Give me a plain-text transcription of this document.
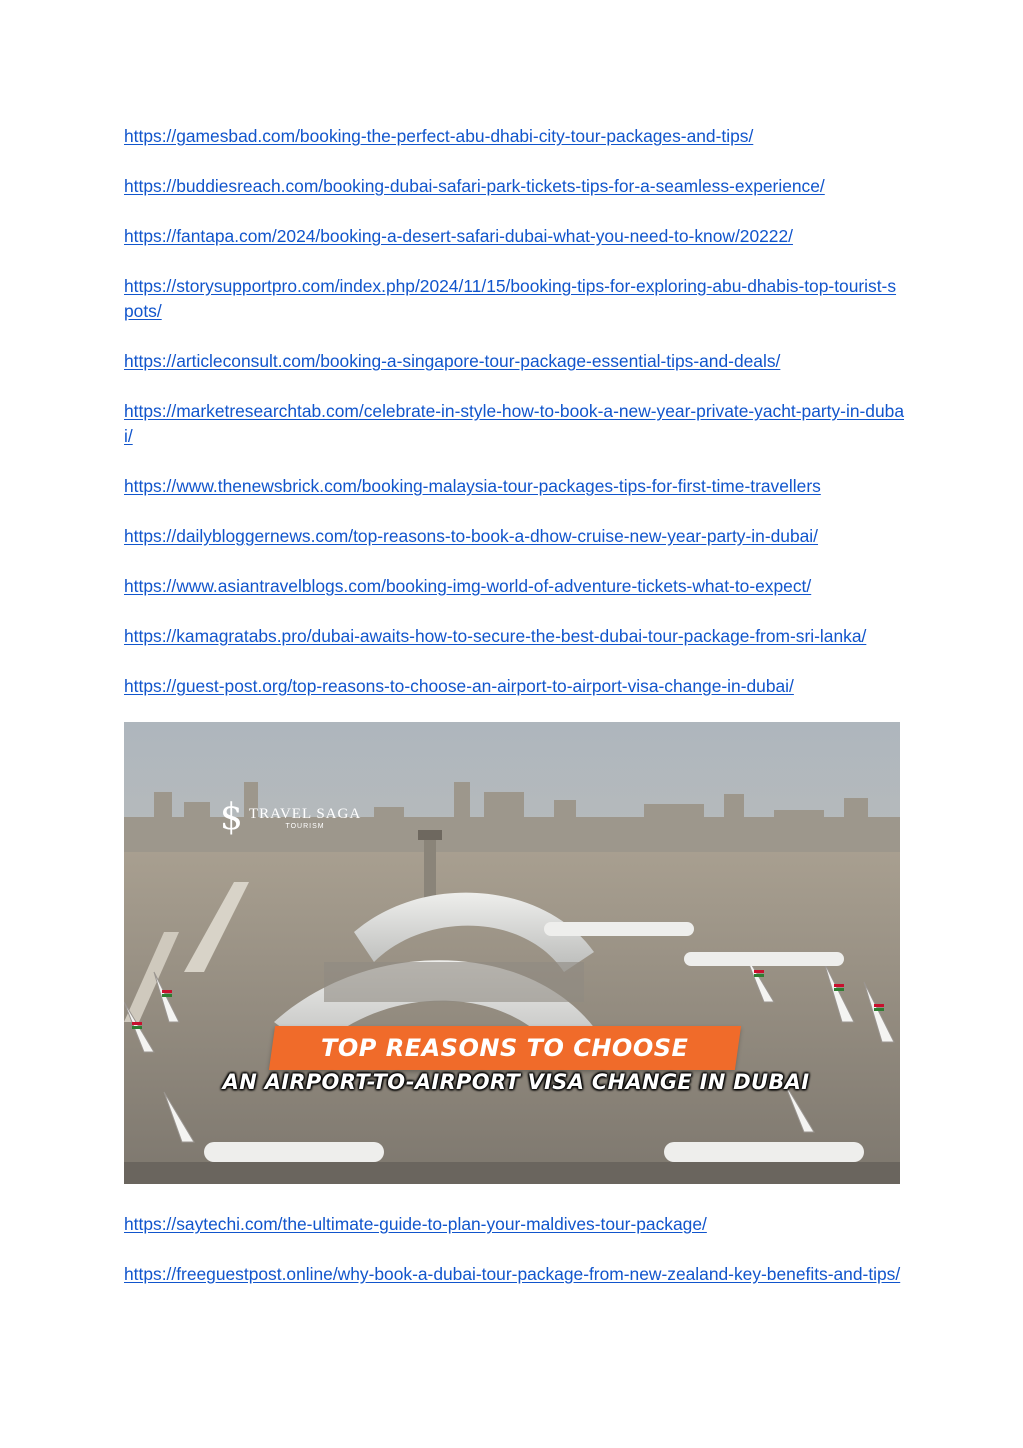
https://gamesbad.com/booking-the-perfect-abu-dhabi-city-tour-packages-and-tips/
https://buddiesreach.com/booking-dubai-safari-park-tickets-tips-for-a-seamless-experience/
https://fantapa.com/2024/booking-a-desert-safari-dubai-what-you-need-to-know/20222/
https://storysupportpro.com/index.php/2024/11/15/booking-tips-for-exploring-abu-dhabis-top-tourist-spots/
https://articleconsult.com/booking-a-singapore-tour-package-essential-tips-and-deals/
https://marketresearchtab.com/celebrate-in-style-how-to-book-a-new-year-private-yacht-party-in-dubai/
https://www.thenewsbrick.com/booking-malaysia-tour-packages-tips-for-first-time-travellers
https://dailybloggernews.com/top-reasons-to-book-a-dhow-cruise-new-year-party-in-dubai/
https://www.asiantravelblogs.com/booking-img-world-of-adventure-tickets-what-to-expect/
https://kamagratabs.pro/dubai-awaits-how-to-secure-the-best-dubai-tour-package-from-sri-lanka/
https://guest-post.org/top-reasons-to-choose-an-airport-to-airport-visa-change-in-dubai/
$ TRAVEL SAGA
TOURISM
TOP REASONS TO CHOOSE
AN AIRPORT-TO-AIRPORT VISA CHANGE IN DUBAI
https://saytechi.com/the-ultimate-guide-to-plan-your-maldives-tour-package/
https://freeguestpost.online/why-book-a-dubai-tour-package-from-new-zealand-key-benefits-and-tips/
